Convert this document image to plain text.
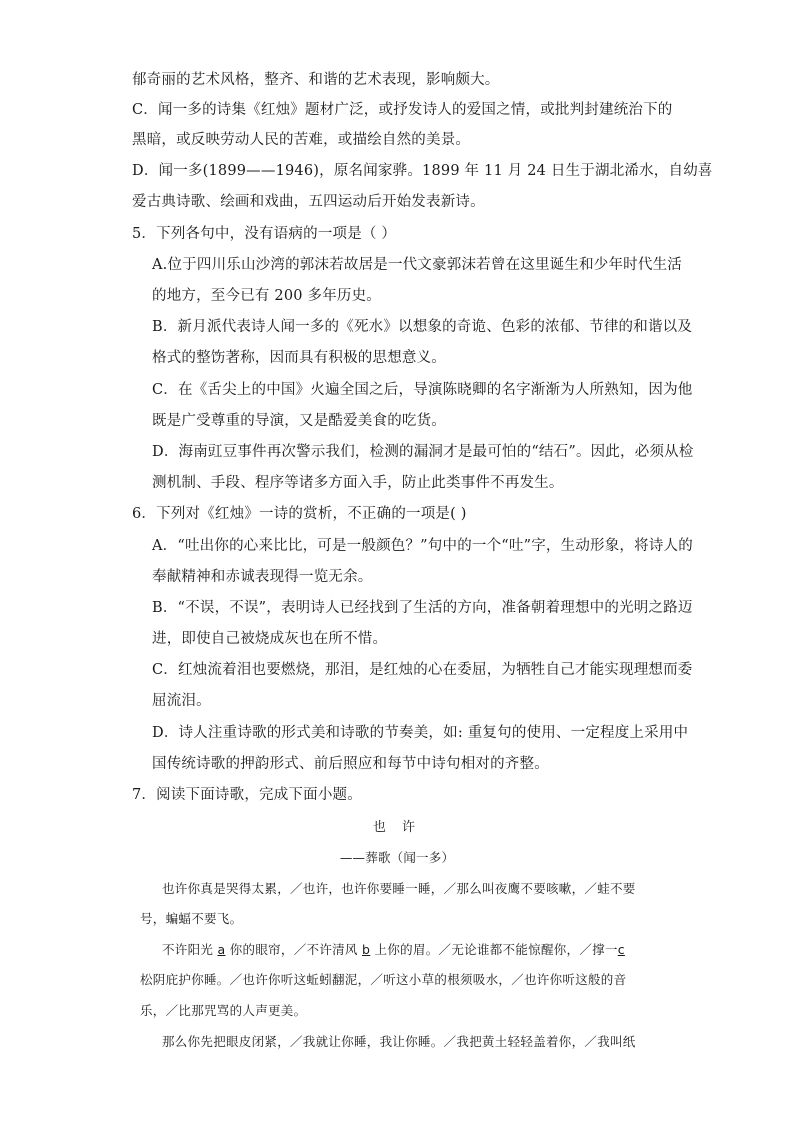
郁奇丽的艺术风格，整齐、和谐的艺术表现，影响颇大。
C．闻一多的诗集《红烛》题材广泛，或抒发诗人的爱国之情，或批判封建统治下的
黑暗，或反映劳动人民的苦难，或描绘自然的美景。
D．闻一多(1899——1946)，原名闻家骅。1899 年 11 月 24 日生于湖北浠水，自幼喜
爱古典诗歌、绘画和戏曲，五四运动后开始发表新诗。
5．下列各句中，没有语病的一项是（ ）
A.位于四川乐山沙湾的郭沫若故居是一代文豪郭沫若曾在这里诞生和少年时代生活
的地方，至今已有 200 多年历史。
B．新月派代表诗人闻一多的《死水》以想象的奇诡、色彩的浓郁、节律的和谐以及
格式的整饬著称，因而具有积极的思想意义。
C．在《舌尖上的中国》火遍全国之后，导演陈晓卿的名字渐渐为人所熟知，因为他
既是广受尊重的导演，又是酷爱美食的吃货。
D．海南豇豆事件再次警示我们，检测的漏洞才是最可怕的“结石”。因此，必须从检
测机制、手段、程序等诸多方面入手，防止此类事件不再发生。
6．下列对《红烛》一诗的赏析，不正确的一项是( )
A．“吐出你的心来比比，可是一般颜色？”句中的一个“吐”字，生动形象，将诗人的
奉献精神和赤诚表现得一览无余。
B．“不误，不误”，表明诗人已经找到了生活的方向，准备朝着理想中的光明之路迈
进，即使自己被烧成灰也在所不惜。
C．红烛流着泪也要燃烧，那泪，是红烛的心在委屈，为牺牲自己才能实现理想而委
屈流泪。
D．诗人注重诗歌的形式美和诗歌的节奏美，如: 重复句的使用、一定程度上采用中
国传统诗歌的押韵形式、前后照应和每节中诗句相对的齐整。
7．阅读下面诗歌，完成下面小题。
也 许
——葬歌（闻一多）
也许你真是哭得太累，／也许，也许你要睡一睡，／那么叫夜鹰不要咳嗽，／蛙不要
号，蝙蝠不要飞。
不许阳光 a 你的眼帘，／不许清风 b 上你的眉。／无论谁都不能惊醒你，／撑一c
松阴庇护你睡。／也许你听这蚯蚓翻泥，／听这小草的根须吸水，／也许你听这般的音
乐，／比那咒骂的人声更美。
那么你先把眼皮闭紧，／我就让你睡，我让你睡。／我把黄土轻轻盖着你，／我叫纸
